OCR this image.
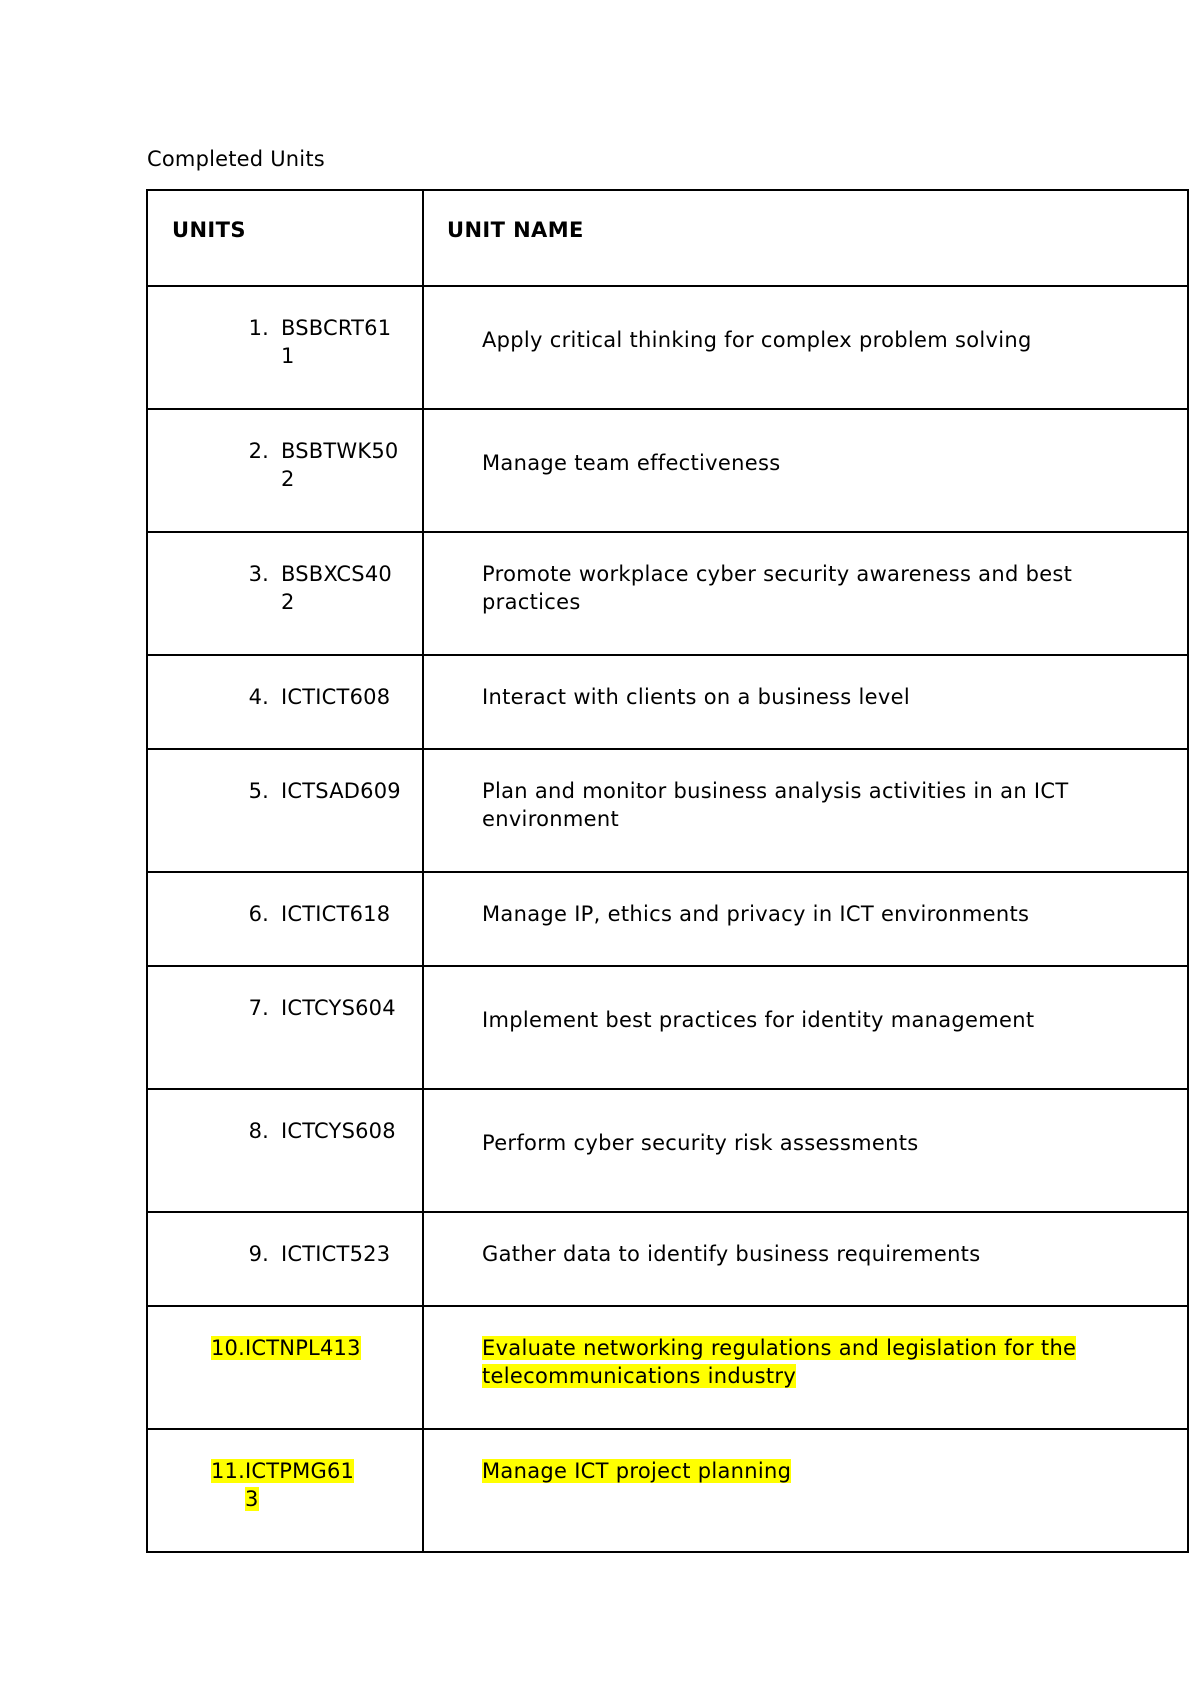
Completed Units
UNITS	UNIT NAME

1. BSBCRT611	Apply critical thinking for complex problem solving

2. BSBTWK502	Manage team effectiveness

3. BSBXCS402	Promote workplace cyber security awareness and best practices

4. ICTICT608	Interact with clients on a business level

5. ICTSAD609	Plan and monitor business analysis activities in an ICT environment

6. ICTICT618	Manage IP, ethics and privacy in ICT environments

7. ICTCYS604	Implement best practices for identity management

8. ICTCYS608	Perform cyber security risk assessments

9. ICTICT523	Gather data to identify business requirements

10. ICTNPL413	Evaluate networking regulations and legislation for the telecommunications industry

11. ICTPMG613	Manage ICT project planning
